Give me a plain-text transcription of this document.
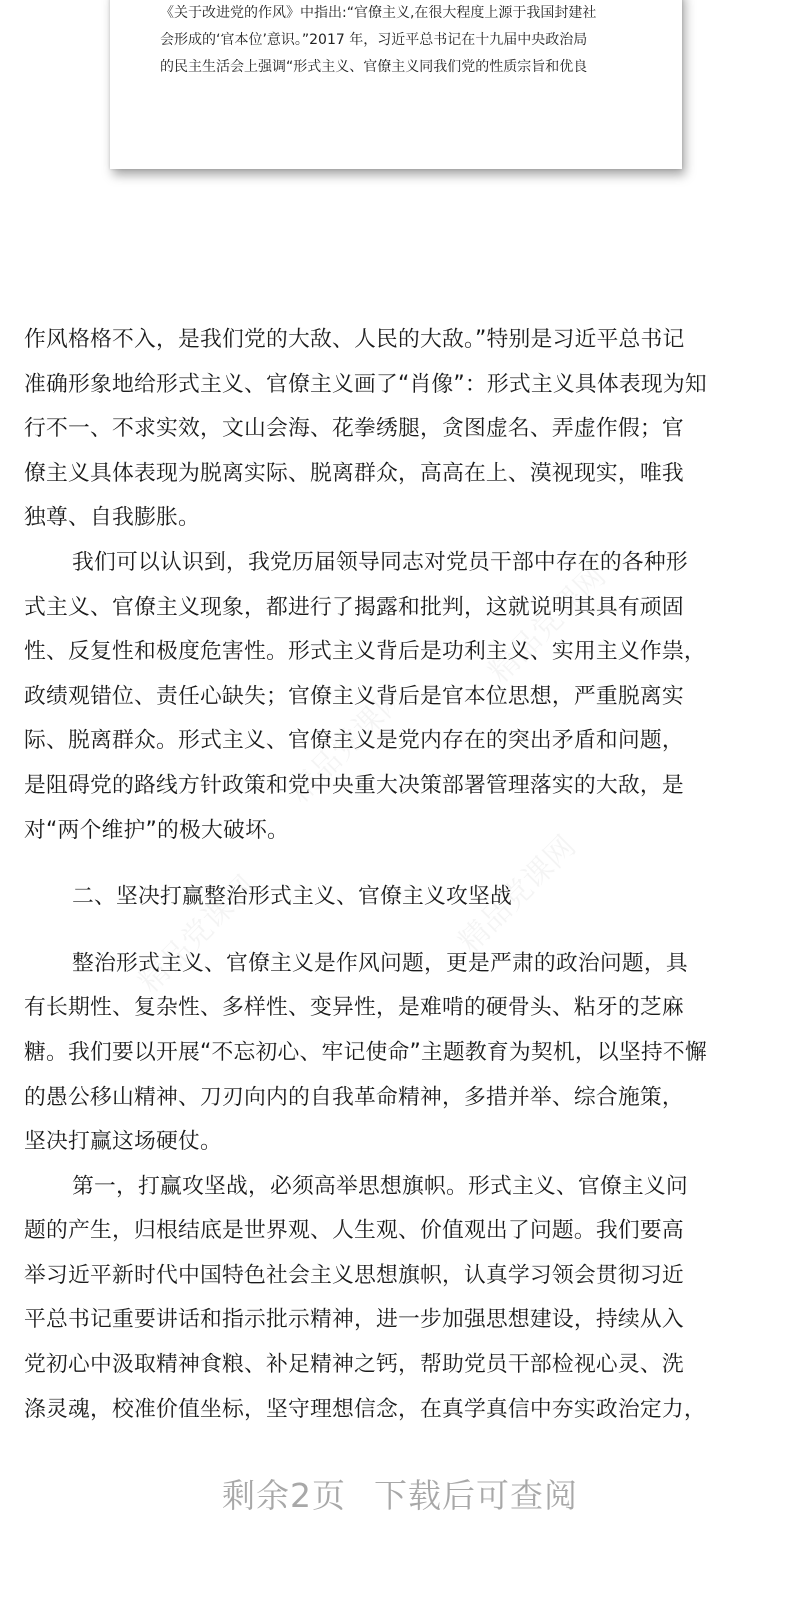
《关于改进党的作风》中指出:“官僚主义,在很大程度上源于我国封建社

会形成的‘官本位’意识。”2017 年，习近平总书记在十九届中央政治局

的民主生活会上强调“形式主义、官僚主义同我们党的性质宗旨和优良

作风格格不入，是我们党的大敌、人民的大敌。”特别是习近平总书记

准确形象地给形式主义、官僚主义画了“肖像”：形式主义具体表现为知

行不一、不求实效，文山会海、花拳绣腿，贪图虚名、弄虚作假；官

僚主义具体表现为脱离实际、脱离群众，高高在上、漠视现实，唯我

独尊、自我膨胀。

我们可以认识到，我党历届领导同志对党员干部中存在的各种形

式主义、官僚主义现象，都进行了揭露和批判，这就说明其具有顽固

性、反复性和极度危害性。形式主义背后是功利主义、实用主义作祟，

政绩观错位、责任心缺失；官僚主义背后是官本位思想，严重脱离实

际、脱离群众。形式主义、官僚主义是党内存在的突出矛盾和问题，

是阻碍党的路线方针政策和党中央重大决策部署管理落实的大敌，是

对“两个维护”的极大破坏。

二、坚决打赢整治形式主义、官僚主义攻坚战

整治形式主义、官僚主义是作风问题，更是严肃的政治问题，具

有长期性、复杂性、多样性、变异性，是难啃的硬骨头、粘牙的芝麻

糖。我们要以开展“不忘初心、牢记使命”主题教育为契机，以坚持不懈

的愚公移山精神、刀刃向内的自我革命精神，多措并举、综合施策，

坚决打赢这场硬仗。

第一，打赢攻坚战，必须高举思想旗帜。形式主义、官僚主义问

题的产生，归根结底是世界观、人生观、价值观出了问题。我们要高

举习近平新时代中国特色社会主义思想旗帜，认真学习领会贯彻习近

平总书记重要讲话和指示批示精神，进一步加强思想建设，持续从入

党初心中汲取精神食粮、补足精神之钙，帮助党员干部检视心灵、洗

涤灵魂，校准价值坐标，坚守理想信念，在真学真信中夯实政治定力，

剩余2页 下载后可查阅
